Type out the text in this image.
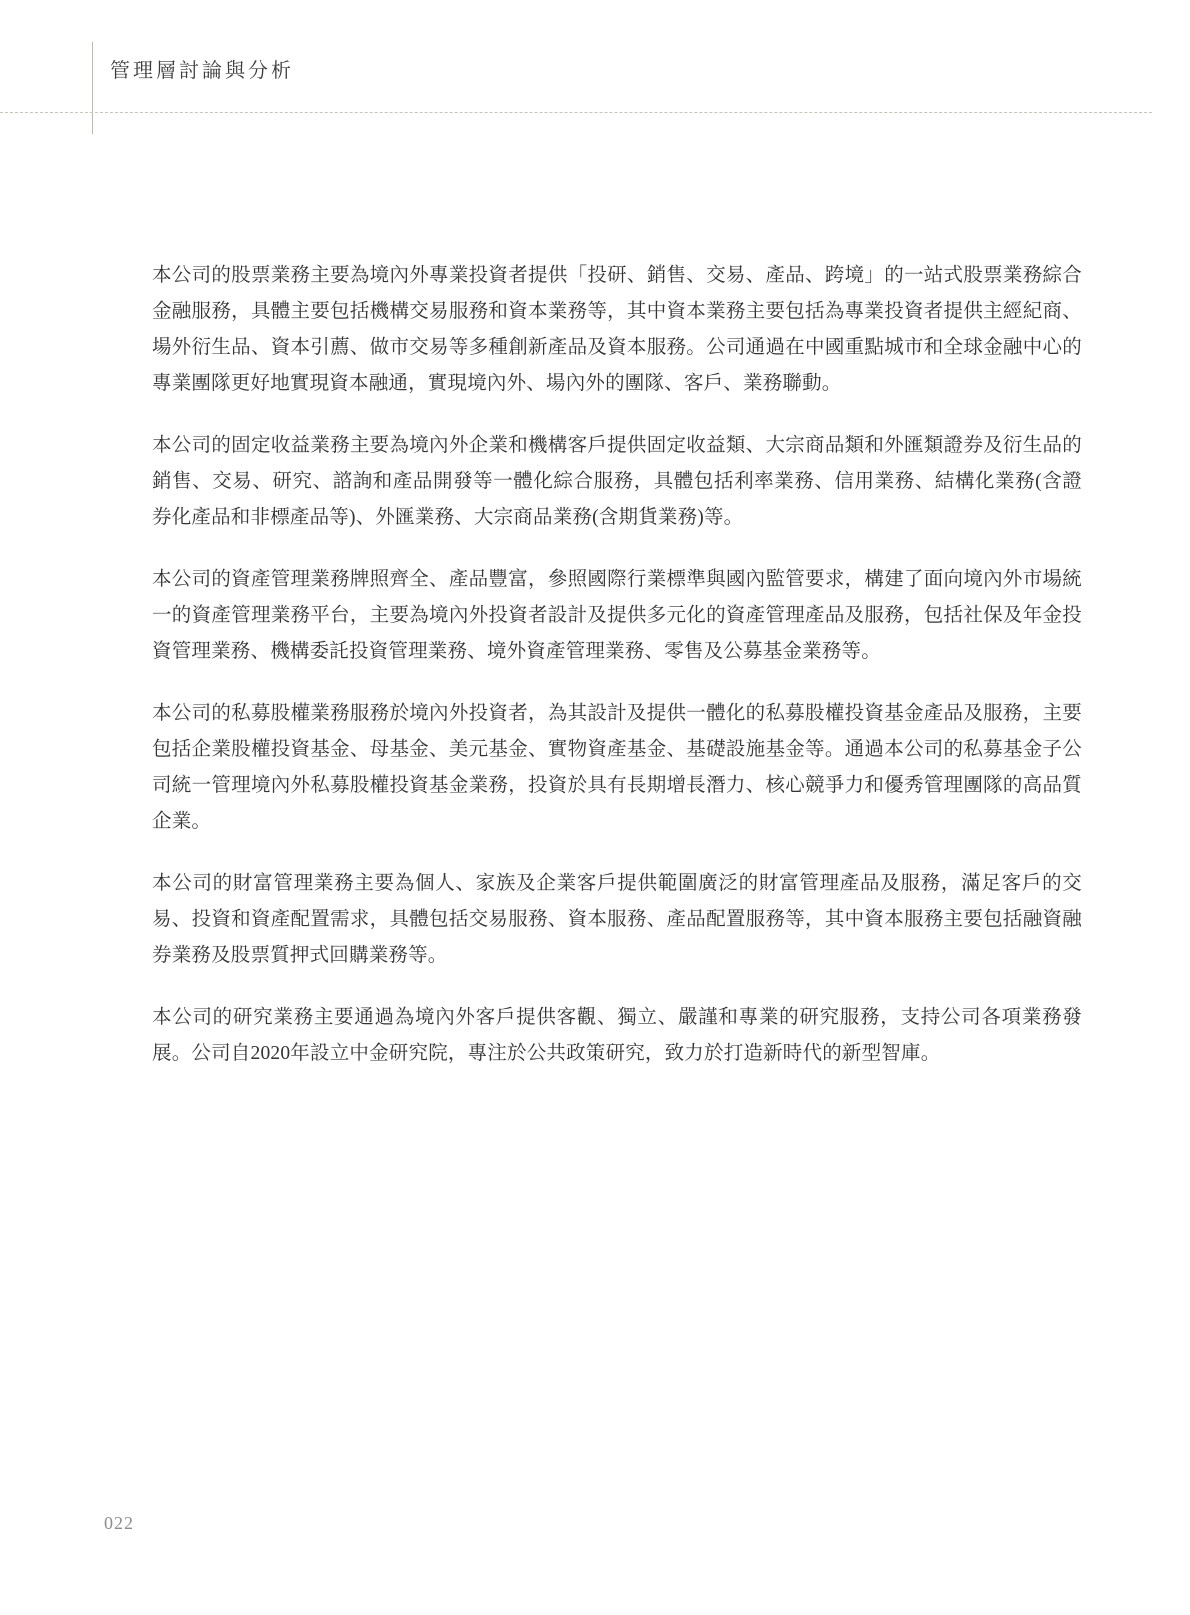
管理層討論與分析

本公司的股票業務主要為境內外專業投資者提供「投研、銷售、交易、產品、跨境」的一站式股票業務綜合金融服務，具體主要包括機構交易服務和資本業務等，其中資本業務主要包括為專業投資者提供主經紀商、場外衍生品、資本引薦、做市交易等多種創新產品及資本服務。公司通過在中國重點城市和全球金融中心的專業團隊更好地實現資本融通，實現境內外、場內外的團隊、客戶、業務聯動。

本公司的固定收益業務主要為境內外企業和機構客戶提供固定收益類、大宗商品類和外匯類證券及衍生品的銷售、交易、研究、諮詢和產品開發等一體化綜合服務，具體包括利率業務、信用業務、結構化業務(含證券化產品和非標產品等)、外匯業務、大宗商品業務(含期貨業務)等。

本公司的資產管理業務牌照齊全、產品豐富，參照國際行業標準與國內監管要求，構建了面向境內外市場統一的資產管理業務平台，主要為境內外投資者設計及提供多元化的資產管理產品及服務，包括社保及年金投資管理業務、機構委託投資管理業務、境外資產管理業務、零售及公募基金業務等。

本公司的私募股權業務服務於境內外投資者，為其設計及提供一體化的私募股權投資基金產品及服務，主要包括企業股權投資基金、母基金、美元基金、實物資產基金、基礎設施基金等。通過本公司的私募基金子公司統一管理境內外私募股權投資基金業務，投資於具有長期增長潛力、核心競爭力和優秀管理團隊的高品質企業。

本公司的財富管理業務主要為個人、家族及企業客戶提供範圍廣泛的財富管理產品及服務，滿足客戶的交易、投資和資產配置需求，具體包括交易服務、資本服務、產品配置服務等，其中資本服務主要包括融資融券業務及股票質押式回購業務等。

本公司的研究業務主要通過為境內外客戶提供客觀、獨立、嚴謹和專業的研究服務，支持公司各項業務發展。公司自2020年設立中金研究院，專注於公共政策研究，致力於打造新時代的新型智庫。

022
